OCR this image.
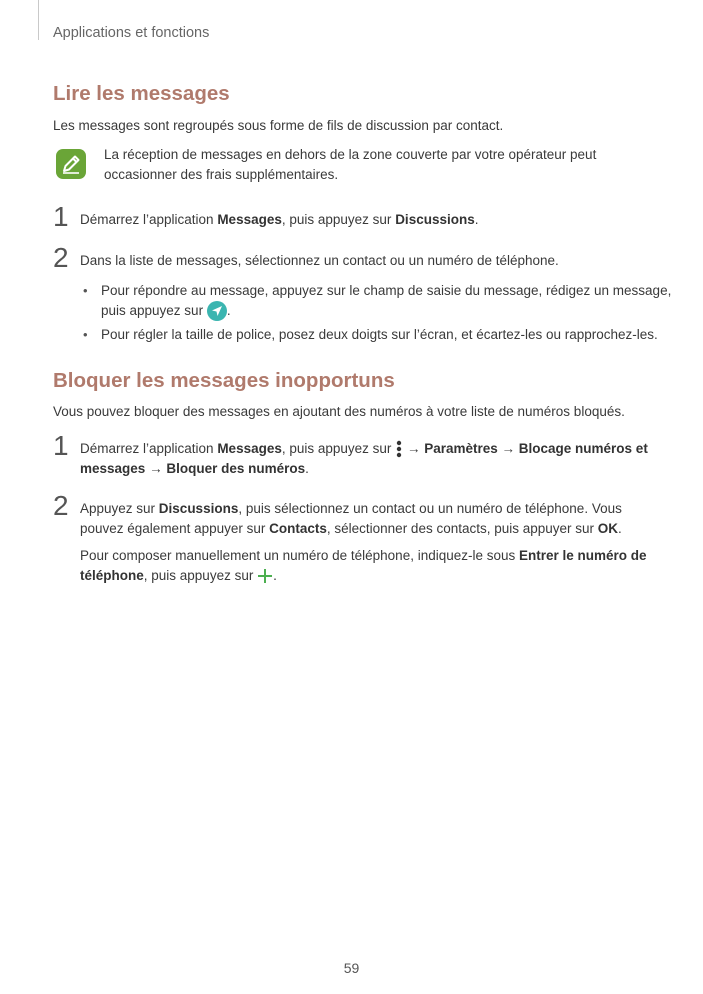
Applications et fonctions
Lire les messages
Les messages sont regroupés sous forme de fils de discussion par contact.
La réception de messages en dehors de la zone couverte par votre opérateur peut
occasionner des frais supplémentaires.
1 Démarrez l’application Messages, puis appuyez sur Discussions.
2 Dans la liste de messages, sélectionnez un contact ou un numéro de téléphone.
• Pour répondre au message, appuyez sur le champ de saisie du message, rédigez un message,
puis appuyez sur .
• Pour régler la taille de police, posez deux doigts sur l’écran, et écartez-les ou rapprochez-les.
Bloquer les messages inopportuns
Vous pouvez bloquer des messages en ajoutant des numéros à votre liste de numéros bloqués.
1 Démarrez l’application Messages, puis appuyez sur  → Paramètres → Blocage numéros et
messages → Bloquer des numéros.
2 Appuyez sur Discussions, puis sélectionnez un contact ou un numéro de téléphone. Vous
pouvez également appuyer sur Contacts, sélectionner des contacts, puis appuyer sur OK.
Pour composer manuellement un numéro de téléphone, indiquez-le sous Entrer le numéro de
téléphone, puis appuyez sur .
59
